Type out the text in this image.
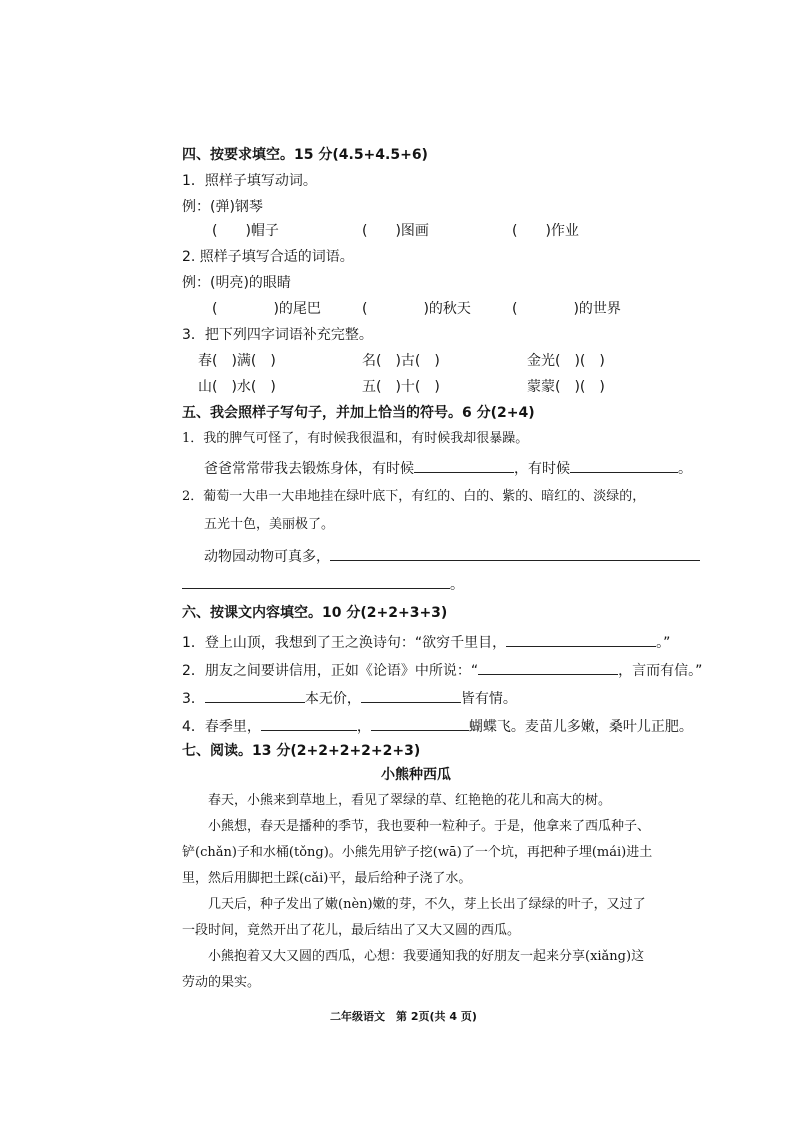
四、按要求填空。15 分(4.5+4.5+6)
1．照样子填写动词。
例：(弹)钢琴
(　　)帽子	(　　)图画	(　　)作业
2. 照样子填写合适的词语。
例：(明亮)的眼睛
(　　　　)的尾巴	(　　　　)的秋天	(　　　　)的世界
3．把下列四字词语补充完整。
春(　)满(　)	名(　)古(　)	金光(　)(　)
山(　)水(　)	五(　)十(　)	蒙蒙(　)(　)
五、我会照样子写句子，并加上恰当的符号。6 分(2+4)
1．我的脾气可怪了，有时候我很温和，有时候我却很暴躁。
爸爸常常带我去锻炼身体，有时候	，有时候	。
2．葡萄一大串一大串地挂在绿叶底下，有红的、白的、紫的、暗红的、淡绿的，
五光十色，美丽极了。
动物园动物可真多，
。
六、按课文内容填空。10 分(2+2+3+3)
1．登上山顶，我想到了王之涣诗句：“欲穷千里目，	。”
2．朋友之间要讲信用，正如《论语》中所说：“	，言而有信。”
3．	本无价，	皆有情。
4．春季里，	，	蝴蝶飞。麦苗儿多嫩，桑叶儿正肥。
七、阅读。13 分(2+2+2+2+2+3)
小熊种西瓜
　　春天，小熊来到草地上，看见了翠绿的草、红艳艳的花儿和高大的树。
　　小熊想，春天是播种的季节，我也要种一粒种子。于是，他拿来了西瓜种子、
铲(chǎn)子和水桶(tǒng)。小熊先用铲子挖(wā)了一个坑，再把种子埋(mái)进土
里，然后用脚把土踩(cǎi)平，最后给种子浇了水。
　　几天后，种子发出了嫩(nèn)嫩的芽，不久，芽上长出了绿绿的叶子，又过了
一段时间，竟然开出了花儿，最后结出了又大又圆的西瓜。
　　小熊抱着又大又圆的西瓜，心想：我要通知我的好朋友一起来分享(xiǎng)这
劳动的果实。
二年级语文　第 2页(共 4 页)
